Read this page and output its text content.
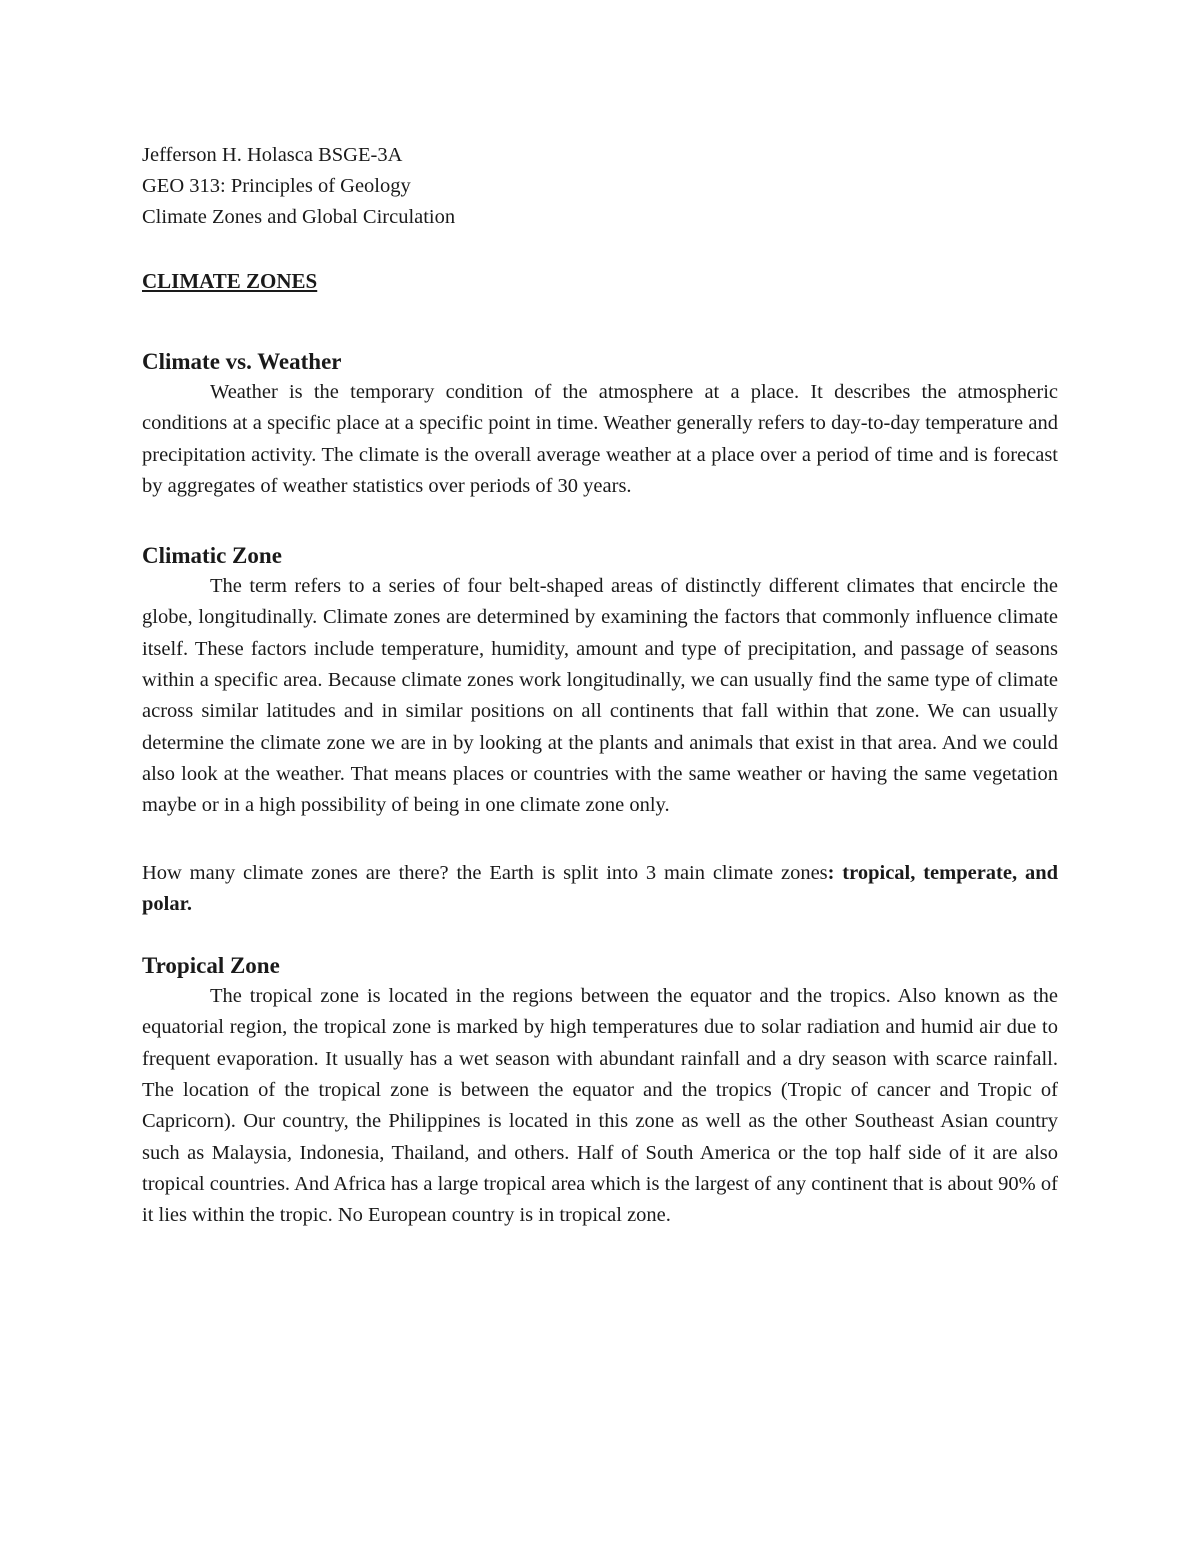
Jefferson H. Holasca BSGE-3A

GEO 313: Principles of Geology

Climate Zones and Global Circulation

CLIMATE ZONES
Climate vs. Weather

Weather is the temporary condition of the atmosphere at a place. It describes the atmospheric conditions at a specific place at a specific point in time. Weather generally refers to day-to-day temperature and precipitation activity. The climate is the overall average weather at a place over a period of time and is forecast by aggregates of weather statistics over periods of 30 years.

Climatic Zone

The term refers to a series of four belt-shaped areas of distinctly different climates that encircle the globe, longitudinally. Climate zones are determined by examining the factors that commonly influence climate itself. These factors include temperature, humidity, amount and type of precipitation, and passage of seasons within a specific area. Because climate zones work longitudinally, we can usually find the same type of climate across similar latitudes and in similar positions on all continents that fall within that zone. We can usually determine the climate zone we are in by looking at the plants and animals that exist in that area. And we could also look at the weather. That means places or countries with the same weather or having the same vegetation maybe or in a high possibility of being in one climate zone only.

How many climate zones are there? the Earth is split into 3 main climate zones: tropical, temperate, and polar.

Tropical Zone

The tropical zone is located in the regions between the equator and the tropics. Also known as the equatorial region, the tropical zone is marked by high temperatures due to solar radiation and humid air due to frequent evaporation. It usually has a wet season with abundant rainfall and a dry season with scarce rainfall. The location of the tropical zone is between the equator and the tropics (Tropic of cancer and Tropic of Capricorn). Our country, the Philippines is located in this zone as well as the other Southeast Asian country such as Malaysia, Indonesia, Thailand, and others. Half of South America or the top half side of it are also tropical countries. And Africa has a large tropical area which is the largest of any continent that is about 90% of it lies within the tropic. No European country is in tropical zone.
